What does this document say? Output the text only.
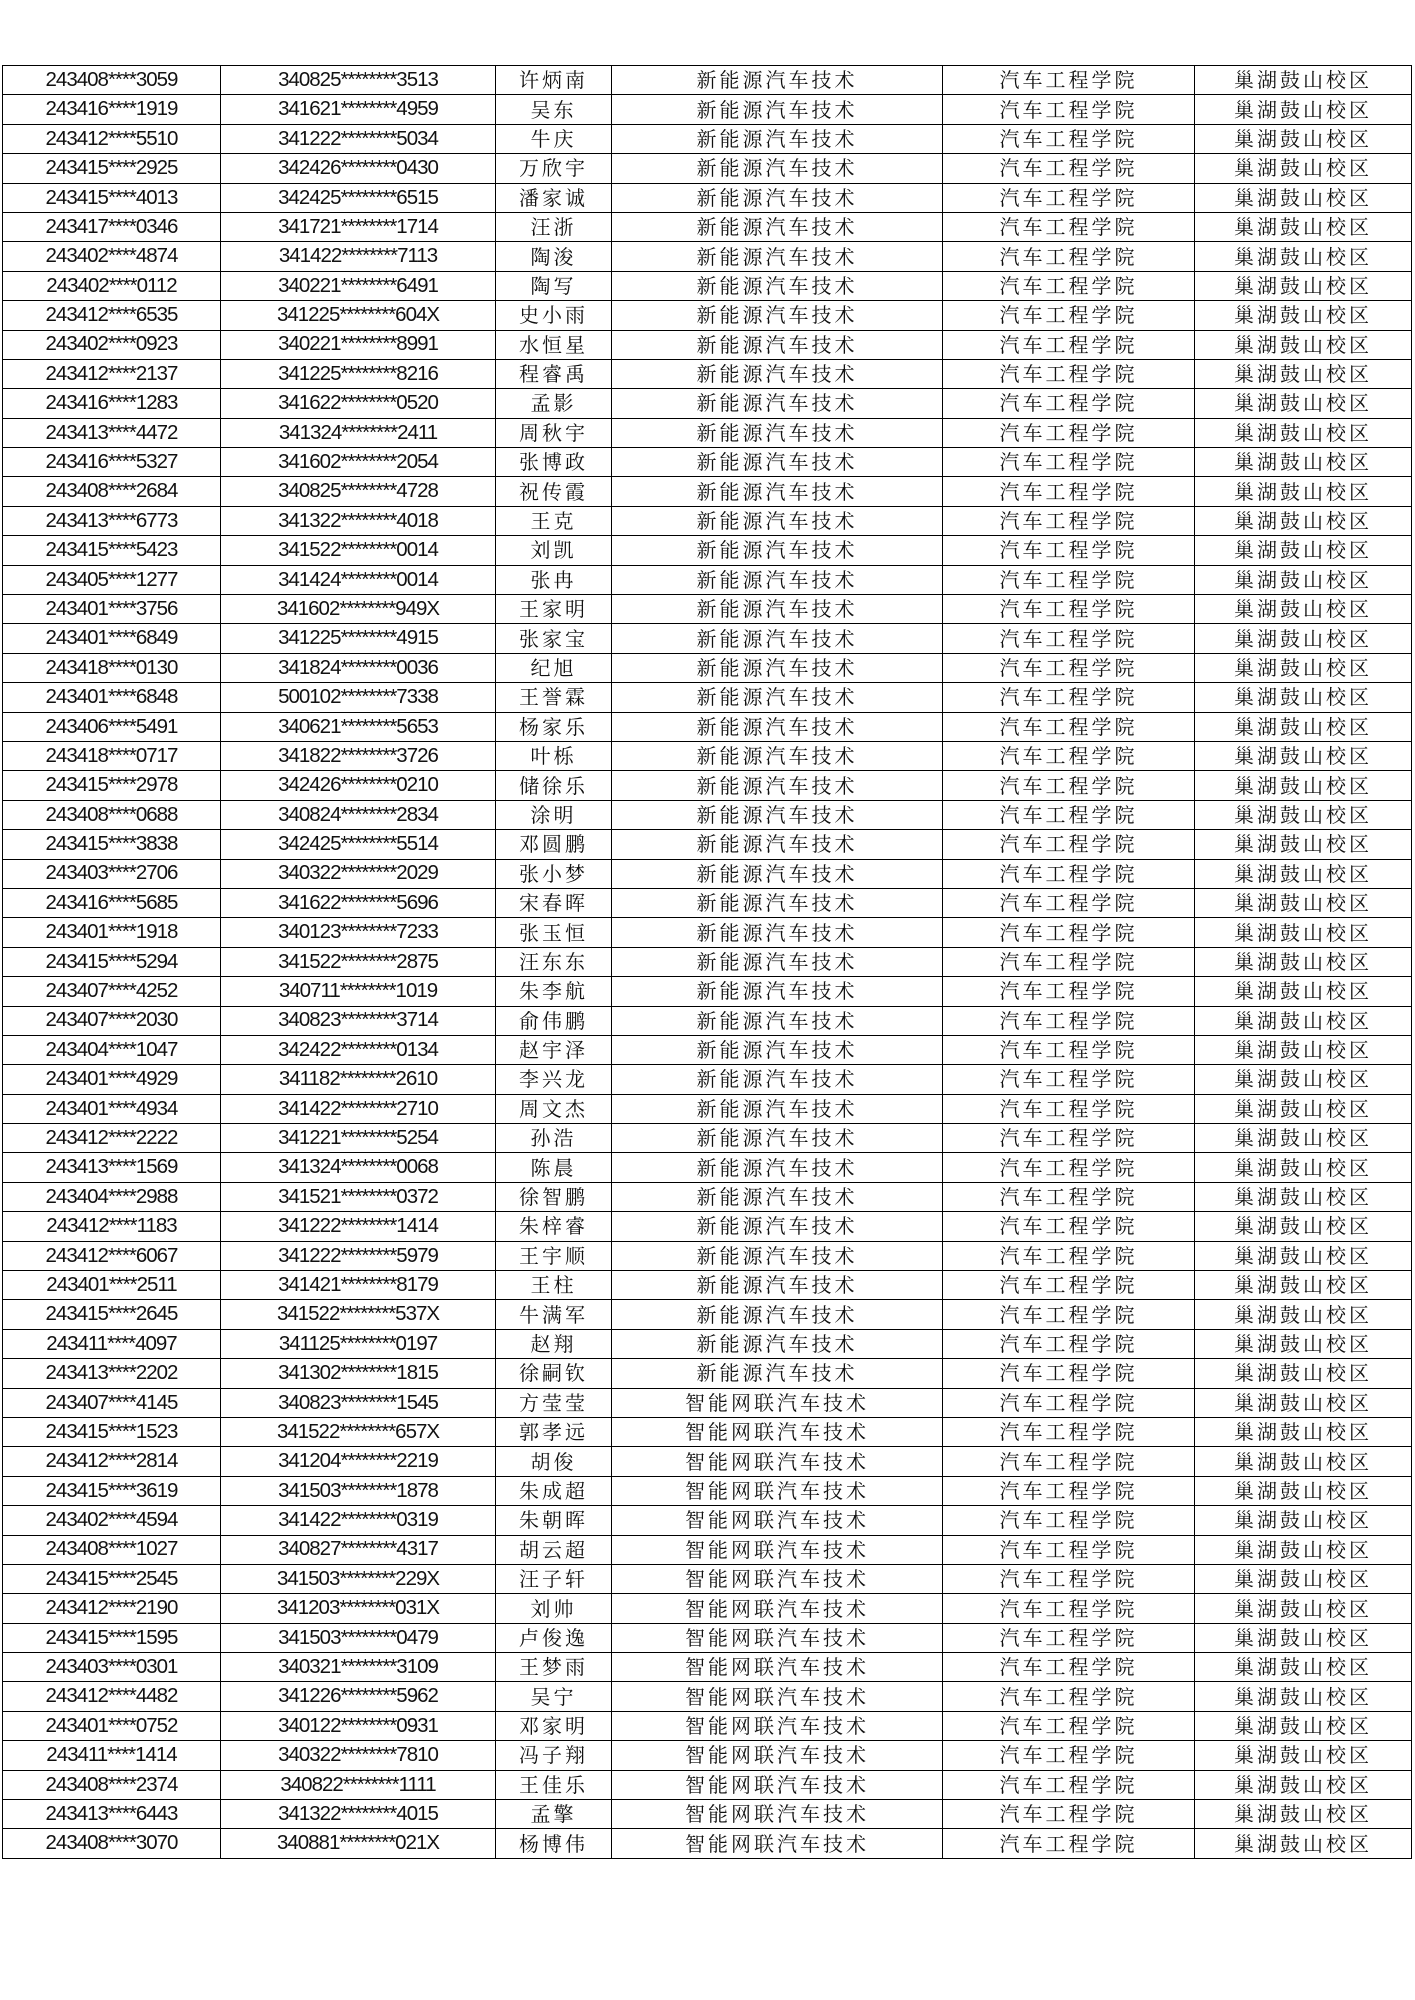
243408****3059	340825********3513	许炳南	新能源汽车技术	汽车工程学院	巢湖鼓山校区
243416****1919	341621********4959	吴东	新能源汽车技术	汽车工程学院	巢湖鼓山校区
243412****5510	341222********5034	牛庆	新能源汽车技术	汽车工程学院	巢湖鼓山校区
243415****2925	342426********0430	万欣宇	新能源汽车技术	汽车工程学院	巢湖鼓山校区
243415****4013	342425********6515	潘家诚	新能源汽车技术	汽车工程学院	巢湖鼓山校区
243417****0346	341721********1714	汪浙	新能源汽车技术	汽车工程学院	巢湖鼓山校区
243402****4874	341422********7113	陶浚	新能源汽车技术	汽车工程学院	巢湖鼓山校区
243402****0112	340221********6491	陶写	新能源汽车技术	汽车工程学院	巢湖鼓山校区
243412****6535	341225********604X	史小雨	新能源汽车技术	汽车工程学院	巢湖鼓山校区
243402****0923	340221********8991	水恒星	新能源汽车技术	汽车工程学院	巢湖鼓山校区
243412****2137	341225********8216	程睿禹	新能源汽车技术	汽车工程学院	巢湖鼓山校区
243416****1283	341622********0520	孟影	新能源汽车技术	汽车工程学院	巢湖鼓山校区
243413****4472	341324********2411	周秋宇	新能源汽车技术	汽车工程学院	巢湖鼓山校区
243416****5327	341602********2054	张博政	新能源汽车技术	汽车工程学院	巢湖鼓山校区
243408****2684	340825********4728	祝传霞	新能源汽车技术	汽车工程学院	巢湖鼓山校区
243413****6773	341322********4018	王克	新能源汽车技术	汽车工程学院	巢湖鼓山校区
243415****5423	341522********0014	刘凯	新能源汽车技术	汽车工程学院	巢湖鼓山校区
243405****1277	341424********0014	张冉	新能源汽车技术	汽车工程学院	巢湖鼓山校区
243401****3756	341602********949X	王家明	新能源汽车技术	汽车工程学院	巢湖鼓山校区
243401****6849	341225********4915	张家宝	新能源汽车技术	汽车工程学院	巢湖鼓山校区
243418****0130	341824********0036	纪旭	新能源汽车技术	汽车工程学院	巢湖鼓山校区
243401****6848	500102********7338	王誉霖	新能源汽车技术	汽车工程学院	巢湖鼓山校区
243406****5491	340621********5653	杨家乐	新能源汽车技术	汽车工程学院	巢湖鼓山校区
243418****0717	341822********3726	叶栎	新能源汽车技术	汽车工程学院	巢湖鼓山校区
243415****2978	342426********0210	储徐乐	新能源汽车技术	汽车工程学院	巢湖鼓山校区
243408****0688	340824********2834	涂明	新能源汽车技术	汽车工程学院	巢湖鼓山校区
243415****3838	342425********5514	邓圆鹏	新能源汽车技术	汽车工程学院	巢湖鼓山校区
243403****2706	340322********2029	张小梦	新能源汽车技术	汽车工程学院	巢湖鼓山校区
243416****5685	341622********5696	宋春晖	新能源汽车技术	汽车工程学院	巢湖鼓山校区
243401****1918	340123********7233	张玉恒	新能源汽车技术	汽车工程学院	巢湖鼓山校区
243415****5294	341522********2875	汪东东	新能源汽车技术	汽车工程学院	巢湖鼓山校区
243407****4252	340711********1019	朱李航	新能源汽车技术	汽车工程学院	巢湖鼓山校区
243407****2030	340823********3714	俞伟鹏	新能源汽车技术	汽车工程学院	巢湖鼓山校区
243404****1047	342422********0134	赵宇泽	新能源汽车技术	汽车工程学院	巢湖鼓山校区
243401****4929	341182********2610	李兴龙	新能源汽车技术	汽车工程学院	巢湖鼓山校区
243401****4934	341422********2710	周文杰	新能源汽车技术	汽车工程学院	巢湖鼓山校区
243412****2222	341221********5254	孙浩	新能源汽车技术	汽车工程学院	巢湖鼓山校区
243413****1569	341324********0068	陈晨	新能源汽车技术	汽车工程学院	巢湖鼓山校区
243404****2988	341521********0372	徐智鹏	新能源汽车技术	汽车工程学院	巢湖鼓山校区
243412****1183	341222********1414	朱梓睿	新能源汽车技术	汽车工程学院	巢湖鼓山校区
243412****6067	341222********5979	王宇顺	新能源汽车技术	汽车工程学院	巢湖鼓山校区
243401****2511	341421********8179	王柱	新能源汽车技术	汽车工程学院	巢湖鼓山校区
243415****2645	341522********537X	牛满军	新能源汽车技术	汽车工程学院	巢湖鼓山校区
243411****4097	341125********0197	赵翔	新能源汽车技术	汽车工程学院	巢湖鼓山校区
243413****2202	341302********1815	徐嗣钦	新能源汽车技术	汽车工程学院	巢湖鼓山校区
243407****4145	340823********1545	方莹莹	智能网联汽车技术	汽车工程学院	巢湖鼓山校区
243415****1523	341522********657X	郭孝远	智能网联汽车技术	汽车工程学院	巢湖鼓山校区
243412****2814	341204********2219	胡俊	智能网联汽车技术	汽车工程学院	巢湖鼓山校区
243415****3619	341503********1878	朱成超	智能网联汽车技术	汽车工程学院	巢湖鼓山校区
243402****4594	341422********0319	朱朝晖	智能网联汽车技术	汽车工程学院	巢湖鼓山校区
243408****1027	340827********4317	胡云超	智能网联汽车技术	汽车工程学院	巢湖鼓山校区
243415****2545	341503********229X	汪子轩	智能网联汽车技术	汽车工程学院	巢湖鼓山校区
243412****2190	341203********031X	刘帅	智能网联汽车技术	汽车工程学院	巢湖鼓山校区
243415****1595	341503********0479	卢俊逸	智能网联汽车技术	汽车工程学院	巢湖鼓山校区
243403****0301	340321********3109	王梦雨	智能网联汽车技术	汽车工程学院	巢湖鼓山校区
243412****4482	341226********5962	吴宁	智能网联汽车技术	汽车工程学院	巢湖鼓山校区
243401****0752	340122********0931	邓家明	智能网联汽车技术	汽车工程学院	巢湖鼓山校区
243411****1414	340322********7810	冯子翔	智能网联汽车技术	汽车工程学院	巢湖鼓山校区
243408****2374	340822********1111	王佳乐	智能网联汽车技术	汽车工程学院	巢湖鼓山校区
243413****6443	341322********4015	孟擎	智能网联汽车技术	汽车工程学院	巢湖鼓山校区
243408****3070	340881********021X	杨博伟	智能网联汽车技术	汽车工程学院	巢湖鼓山校区
